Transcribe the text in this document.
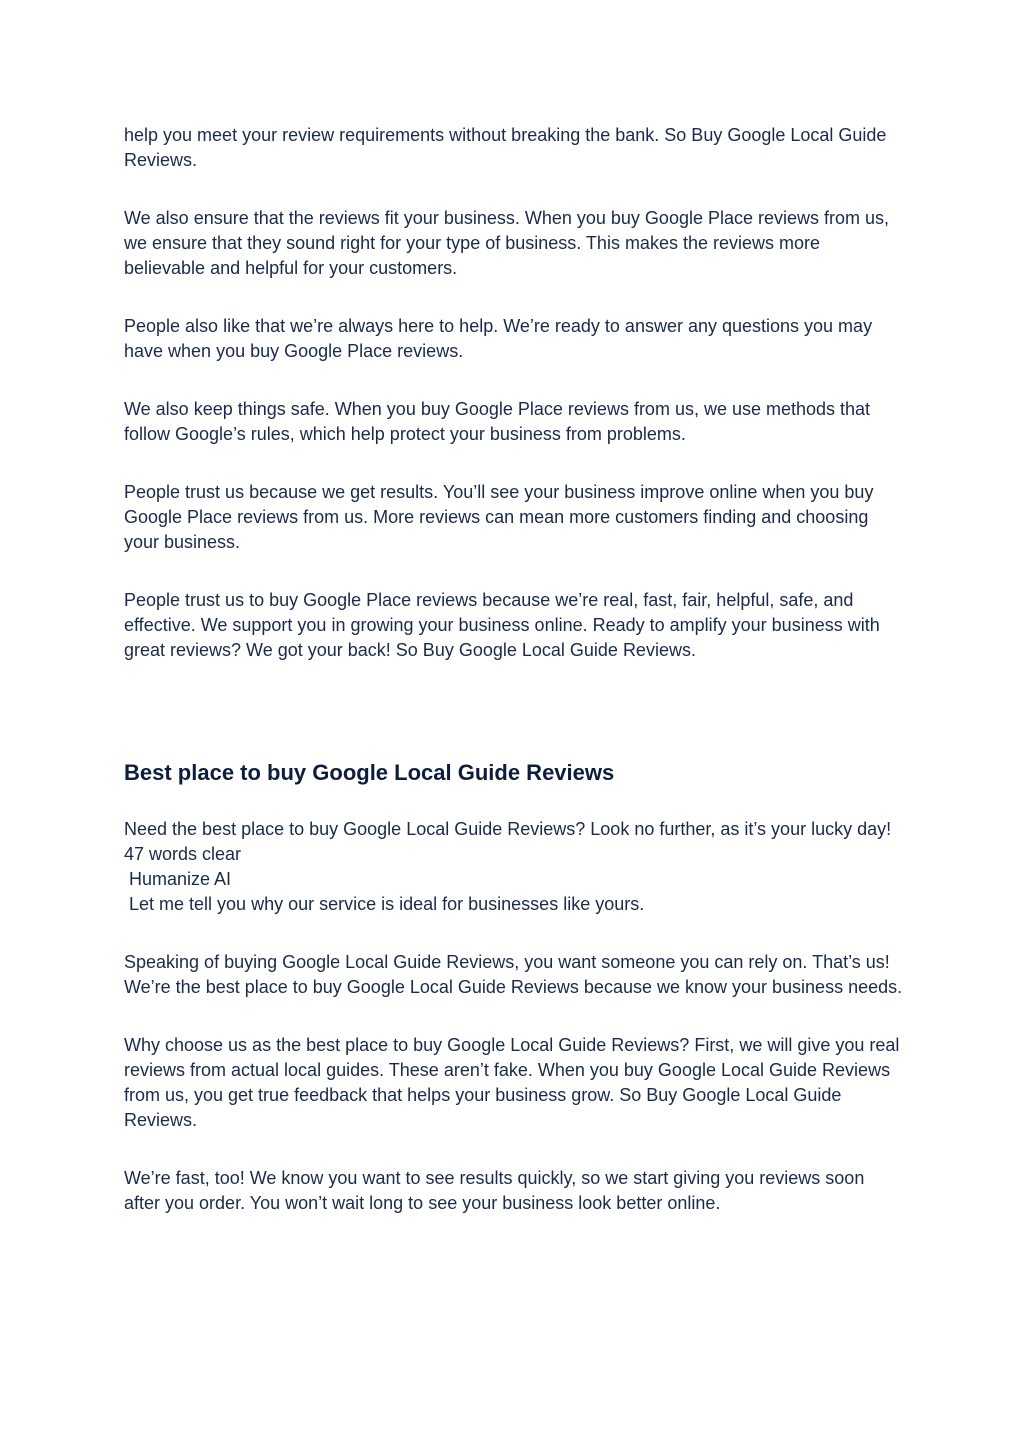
help you meet your review requirements without breaking the bank. So Buy Google Local Guide Reviews.

We also ensure that the reviews fit your business. When you buy Google Place reviews from us, we ensure that they sound right for your type of business. This makes the reviews more believable and helpful for your customers.

People also like that we’re always here to help. We’re ready to answer any questions you may have when you buy Google Place reviews.

We also keep things safe. When you buy Google Place reviews from us, we use methods that follow Google’s rules, which help protect your business from problems.

People trust us because we get results. You’ll see your business improve online when you buy Google Place reviews from us. More reviews can mean more customers finding and choosing your business.

People trust us to buy Google Place reviews because we’re real, fast, fair, helpful, safe, and effective. We support you in growing your business online. Ready to amplify your business with great reviews? We got your back! So Buy Google Local Guide Reviews.

Best place to buy Google Local Guide Reviews

Need the best place to buy Google Local Guide Reviews? Look no further, as it’s your lucky day! 47 words clear
Humanize AI
Let me tell you why our service is ideal for businesses like yours.

Speaking of buying Google Local Guide Reviews, you want someone you can rely on. That’s us! We’re the best place to buy Google Local Guide Reviews because we know your business needs.

Why choose us as the best place to buy Google Local Guide Reviews? First, we will give you real reviews from actual local guides. These aren’t fake. When you buy Google Local Guide Reviews from us, you get true feedback that helps your business grow. So Buy Google Local Guide Reviews.

We’re fast, too! We know you want to see results quickly, so we start giving you reviews soon after you order. You won’t wait long to see your business look better online.
